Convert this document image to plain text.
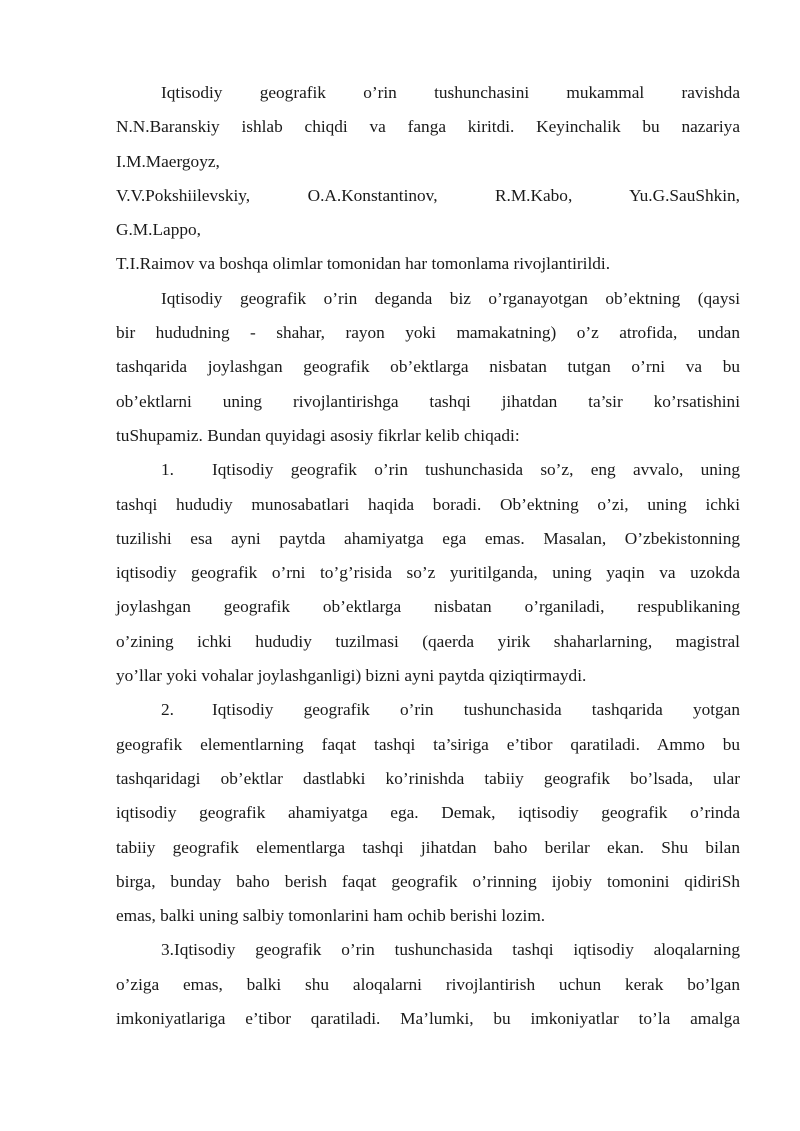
Iqtisodiy geografik o’rin tushunchasini mukammal ravishda
N.N.Baranskiy ishlab chiqdi va fanga kiritdi. Keyinchalik bu nazariya
I.M.Maergoyz,
V.V.Pokshiilevskiy, O.A.Konstantinov, R.M.Kabo, Yu.G.SauShkin,
G.M.Lappo,
T.I.Raimov va boshqa olimlar tomonidan har tomonlama rivojlantirildi.
Iqtisodiy geografik o’rin deganda biz o’rganayotgan ob’ektning (qaysi
bir hududning - shahar, rayon yoki mamakatning) o’z atrofida, undan
tashqarida joylashgan geografik ob’ektlarga nisbatan tutgan o’rni va bu
ob’ektlarni uning rivojlantirishga tashqi jihatdan ta’sir ko’rsatishini
tuShupamiz. Bundan quyidagi asosiy fikrlar kelib chiqadi:
1.	Iqtisodiy geografik o’rin tushunchasida so’z, eng avvalo, uning
tashqi hududiy munosabatlari haqida boradi. Ob’ektning o’zi, uning ichki
tuzilishi esa ayni paytda ahamiyatga ega emas. Masalan, O’zbekistonning
iqtisodiy geografik o’rni to’g’risida so’z yuritilganda, uning yaqin va uzokda
joylashgan geografik ob’ektlarga nisbatan o’rganiladi, respublikaning
o’zining ichki hududiy tuzilmasi (qaerda yirik shaharlarning, magistral
yo’llar yoki vohalar joylashganligi) bizni ayni paytda qiziqtirmaydi.
2.	Iqtisodiy geografik o’rin tushunchasida tashqarida yotgan
geografik elementlarning faqat tashqi ta’siriga e’tibor qaratiladi. Ammo bu
tashqaridagi ob’ektlar dastlabki ko’rinishda tabiiy geografik bo’lsada, ular
iqtisodiy geografik ahamiyatga ega. Demak, iqtisodiy geografik o’rinda
tabiiy geografik elementlarga tashqi jihatdan baho berilar ekan. Shu bilan
birga, bunday baho berish faqat geografik o’rinning ijobiy tomonini qidiriSh
emas, balki uning salbiy tomonlarini ham ochib berishi lozim.
3.Iqtisodiy geografik o’rin tushunchasida tashqi iqtisodiy aloqalarning
o’ziga emas, balki shu aloqalarni rivojlantirish uchun kerak bo’lgan
imkoniyatlariga e’tibor qaratiladi. Ma’lumki, bu imkoniyatlar to’la amalga
